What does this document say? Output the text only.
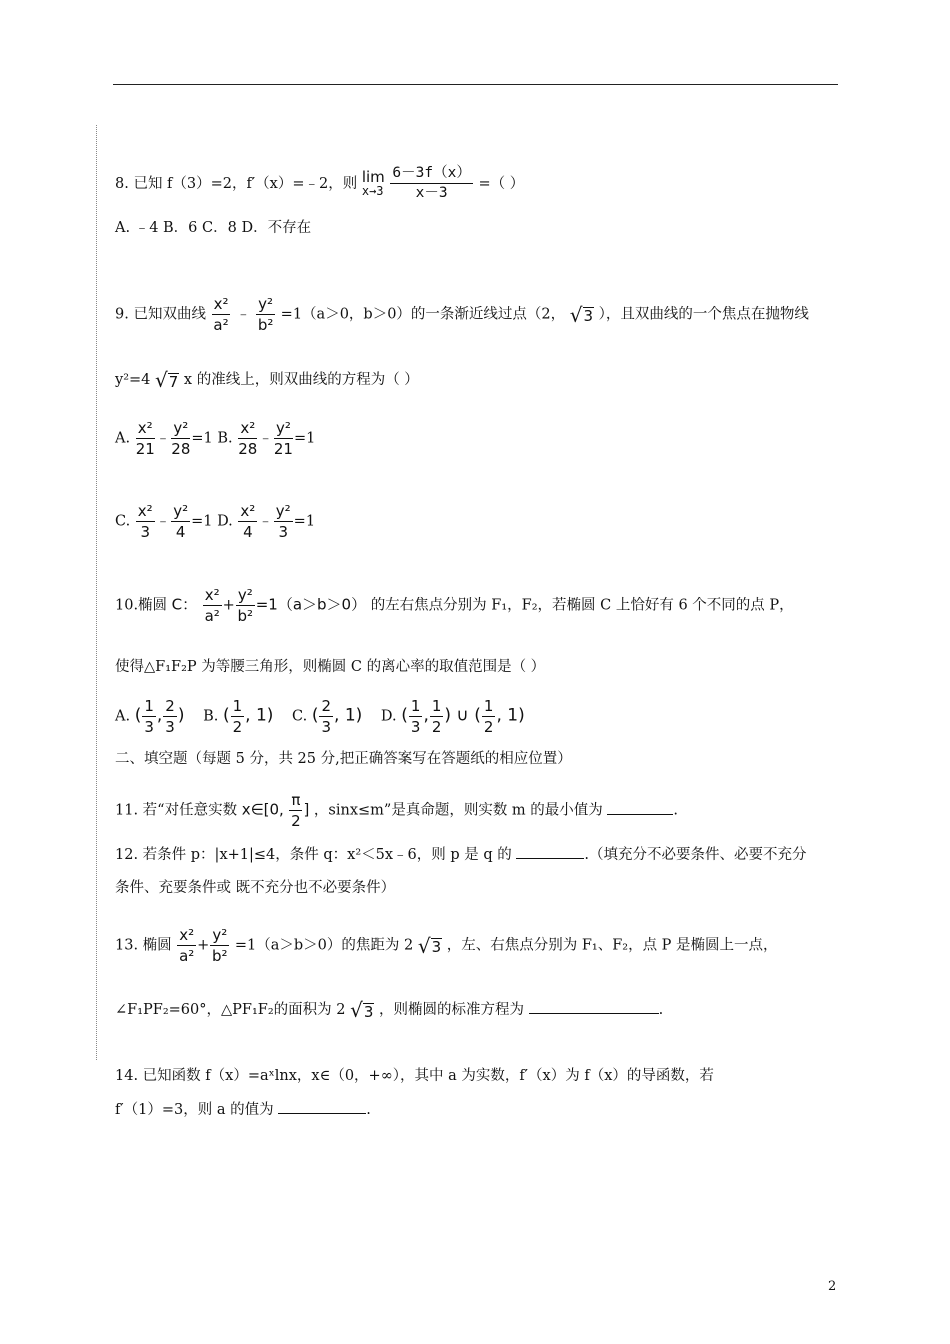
8. 已知 f（3）=2，f′（x）=﹣2，则 lim
x→3
$\frac{6-3f(x)}{x-3}$ =（ ）
A. ﹣4 B．6 C．8 D．不存在
9. 已知双曲线 $\frac{\text{x²}}{\text{a²}}$ ﹣ $\frac{\text{y²}}{\text{b²}} =1(a>0$，b＞0）的一条渐近线过点（2， √ 3 ），且双曲线的一个焦点在抛物线
y²=4 √ 7 x 的准线上，则双曲线的方程为（ ）
A. $\frac{\text{x²}}{21}$ ﹣ $\frac{\text{y²}}{28} =1$ B. $\frac{\text{x²}}{28}$ ﹣ $\frac{\text{y²}}{21} =1$
C. $\frac{\text{x²}}{3}$ ﹣ $\frac{\text{y²}}{4} =1$ D. $\frac{\text{x²}}{4}$ ﹣ $\frac{\text{y²}}{3} =1$
10.椭圆 C： $\frac{\text{x²}}{\text{a²}} + \frac{\text{y²}}{\text{b²}} =1(a>b>0)$ 的左右焦点分别为 F₁，F₂，若椭圆 C 上恰好有 6 个不同的点 P，
使得△F₁F₂P 为等腰三角形，则椭圆 C 的离心率的取值范围是（ ）
A. ( $\frac{1}{3}$ , $\frac{2}{3}$ ) B. ( $\frac{1}{2}$ , 1) C. ( $\frac{2}{3}$ , 1) D. ( $\frac{1}{3}$ , $\frac{1}{2}$ ) ∪ ( $\frac{1}{2}$ , 1)
二、填空题（每题 5 分，共 25 分,把正确答案写在答题纸的相应位置）
11. 若“对任意实数 x∈[0, $\frac{\pi}{2}$ ] ，sinx≤m”是真命题，则实数 m 的最小值为	.
12. 若条件 p：|x+1|≤4，条件 q：x²＜5x﹣6，则 p 是 q 的	.（填充分不必要条件、必要不充分
条件、充要条件或 既不充分也不必要条件）
13. 椭圆 $\frac{\text{x²}}{\text{a²}} + \frac{\text{y²}}{\text{b²}} =1(a>b>0)$的焦距为 2 √ 3 ，左、右焦点分别为 F₁、F₂，点 P 是椭圆上一点，
∠F₁PF₂=60°，△PF₁F₂的面积为 2 √ 3 ，则椭圆的标准方程为	.
14. 已知函数 f（x）=aˣlnx，x∈（0，+∞），其中 a 为实数，f′（x）为 f（x）的导函数，若
f′（1）=3，则 a 的值为	.
2
